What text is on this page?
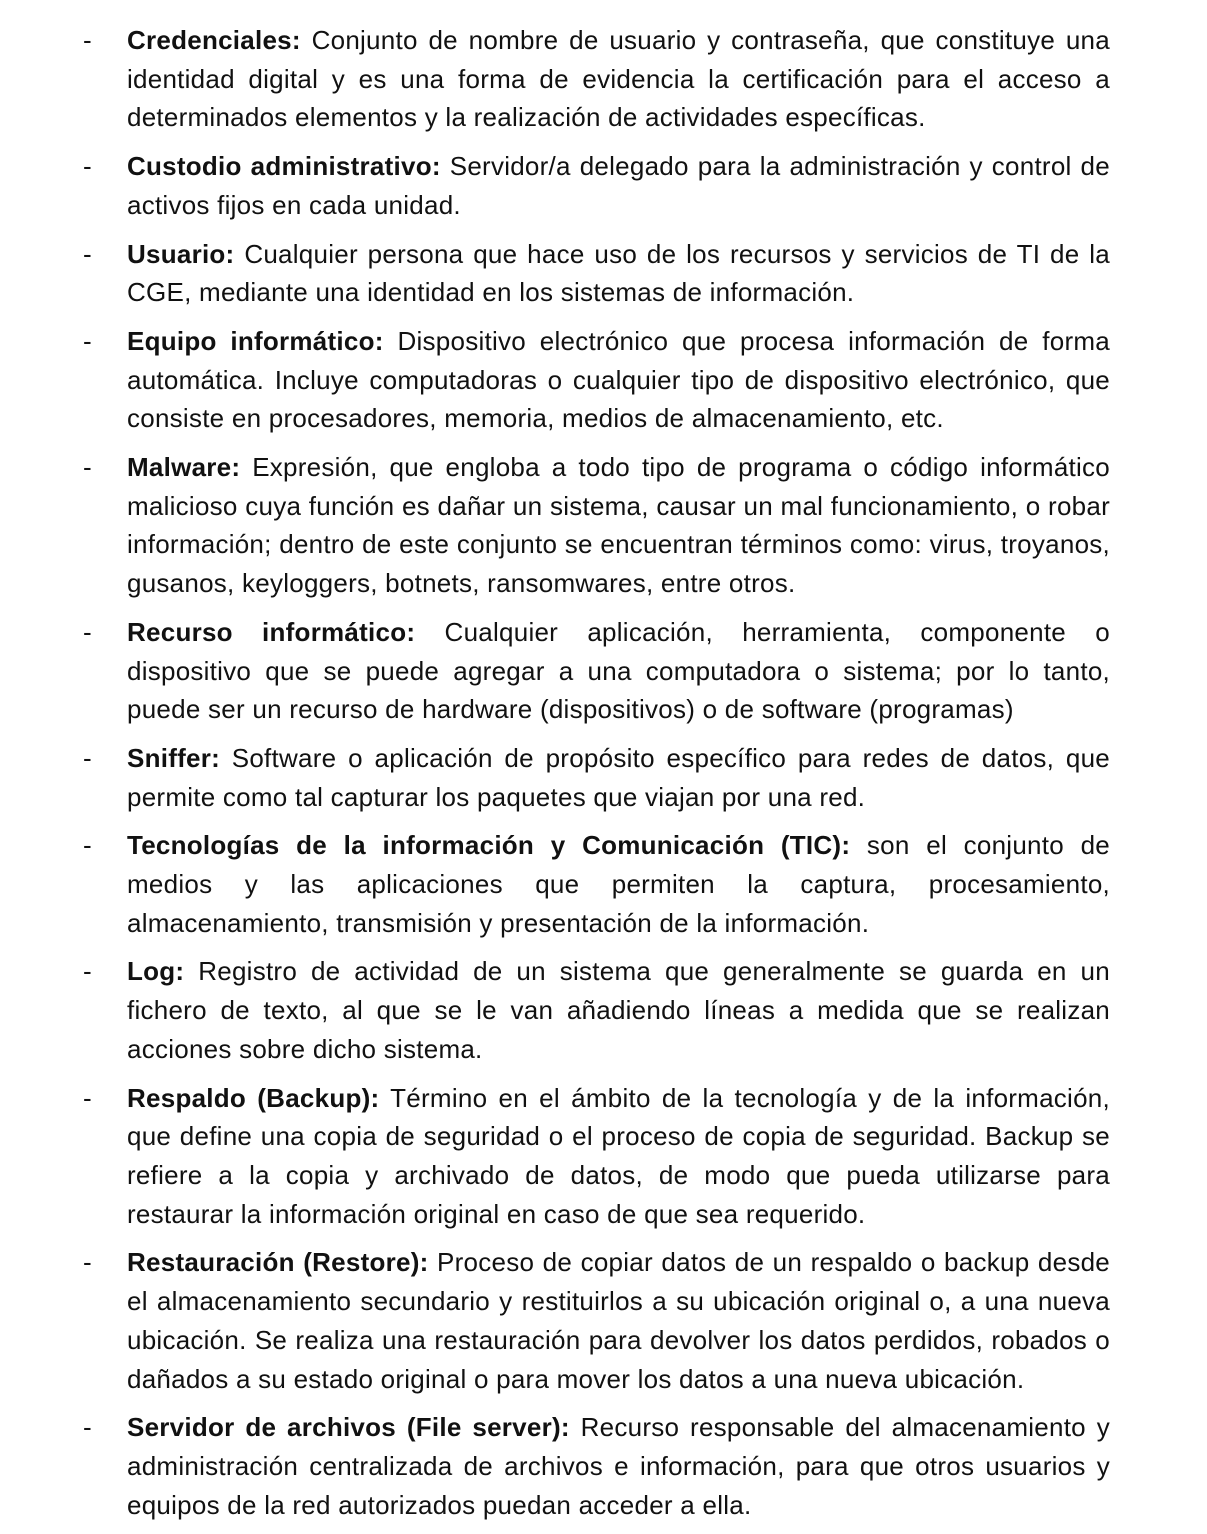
- Credenciales: Conjunto de nombre de usuario y contraseña, que constituye una identidad digital y es una forma de evidencia la certificación para el acceso a determinados elementos y la realización de actividades específicas.
- Custodio administrativo: Servidor/a delegado para la administración y control de activos fijos en cada unidad.
- Usuario: Cualquier persona que hace uso de los recursos y servicios de TI de la CGE, mediante una identidad en los sistemas de información.
- Equipo informático: Dispositivo electrónico que procesa información de forma automática. Incluye computadoras o cualquier tipo de dispositivo electrónico, que consiste en procesadores, memoria, medios de almacenamiento, etc.
- Malware: Expresión, que engloba a todo tipo de programa o código informático malicioso cuya función es dañar un sistema, causar un mal funcionamiento, o robar información; dentro de este conjunto se encuentran términos como: virus, troyanos, gusanos, keyloggers, botnets, ransomwares, entre otros.
- Recurso informático: Cualquier aplicación, herramienta, componente o dispositivo que se puede agregar a una computadora o sistema; por lo tanto, puede ser un recurso de hardware (dispositivos) o de software (programas)
- Sniffer: Software o aplicación de propósito específico para redes de datos, que permite como tal capturar los paquetes que viajan por una red.
- Tecnologías de la información y Comunicación (TIC): son el conjunto de medios y las aplicaciones que permiten la captura, procesamiento, almacenamiento, transmisión y presentación de la información.
- Log: Registro de actividad de un sistema que generalmente se guarda en un fichero de texto, al que se le van añadiendo líneas a medida que se realizan acciones sobre dicho sistema.
- Respaldo (Backup): Término en el ámbito de la tecnología y de la información, que define una copia de seguridad o el proceso de copia de seguridad. Backup se refiere a la copia y archivado de datos, de modo que pueda utilizarse para restaurar la información original en caso de que sea requerido.
- Restauración (Restore): Proceso de copiar datos de un respaldo o backup desde el almacenamiento secundario y restituirlos a su ubicación original o, a una nueva ubicación. Se realiza una restauración para devolver los datos perdidos, robados o dañados a su estado original o para mover los datos a una nueva ubicación.
- Servidor de archivos (File server): Recurso responsable del almacenamiento y administración centralizada de archivos e información, para que otros usuarios y equipos de la red autorizados puedan acceder a ella.
